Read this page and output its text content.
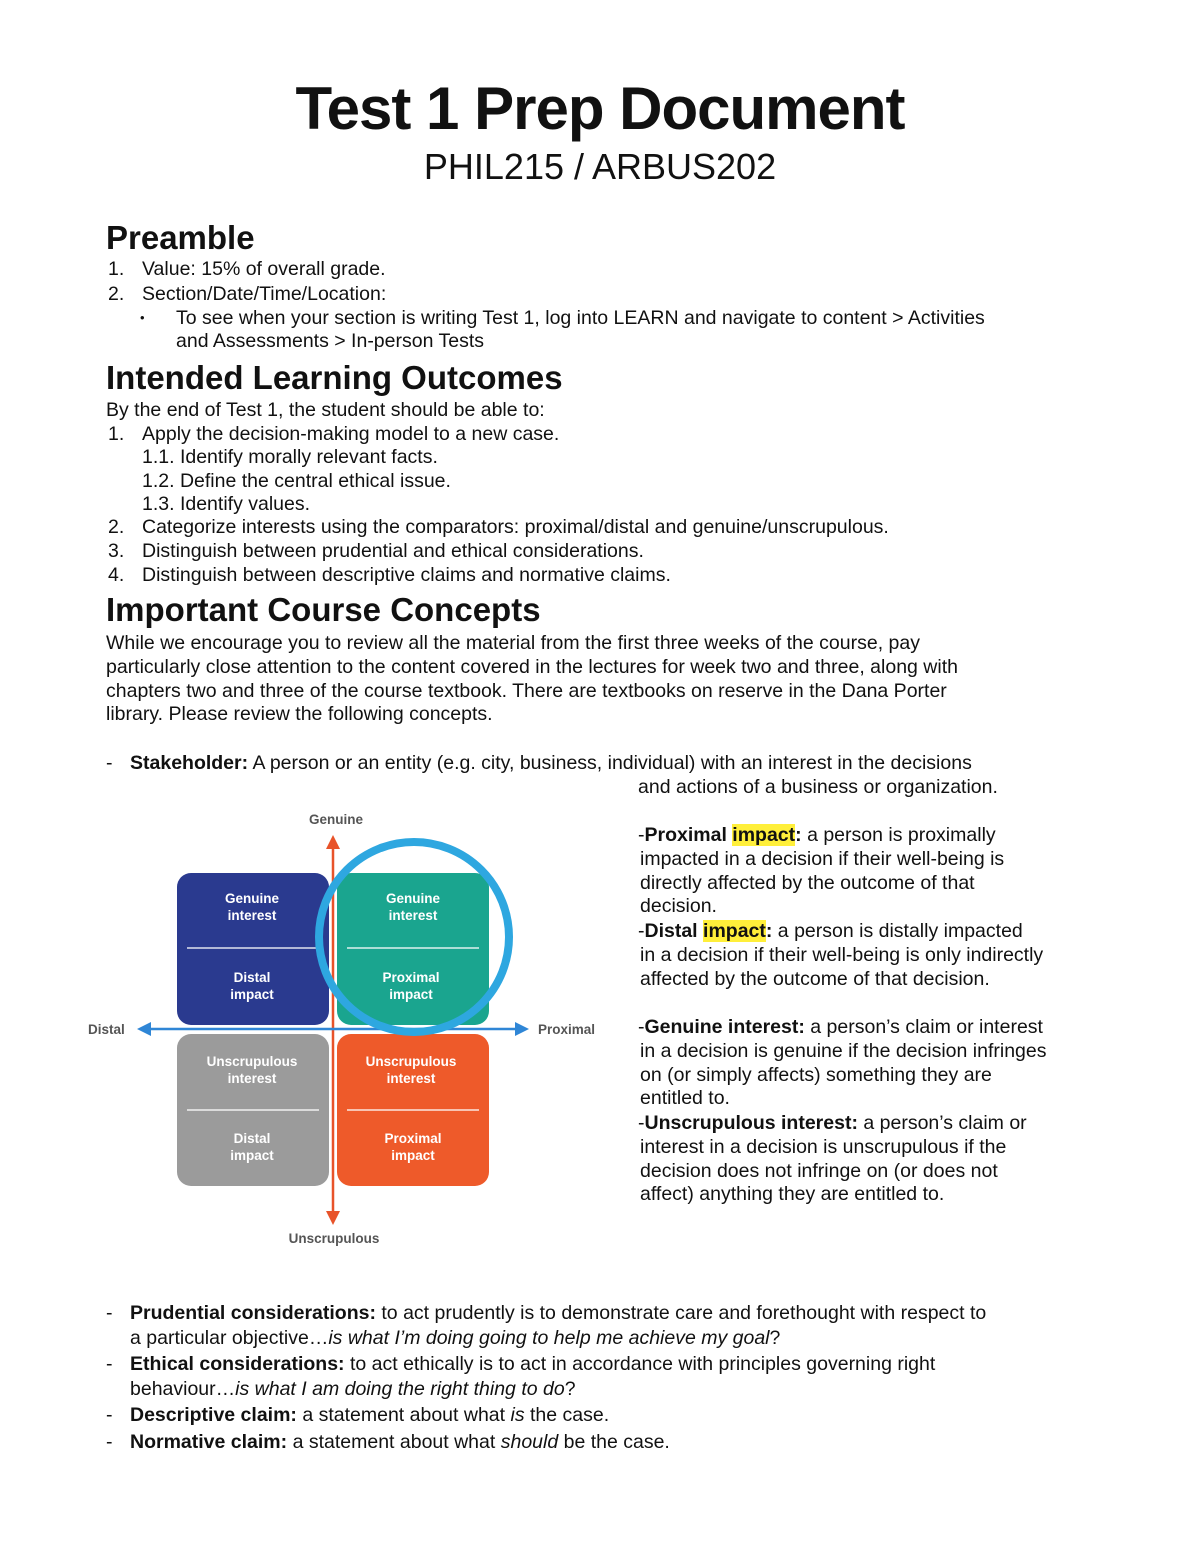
Test 1 Prep Document
PHIL215 / ARBUS202
Preamble
1. Value: 15% of overall grade.
2. Section/Date/Time/Location:
• To see when your section is writing Test 1, log into LEARN and navigate to content > Activities
and Assessments > In-person Tests
Intended Learning Outcomes
By the end of Test 1, the student should be able to:
1. Apply the decision-making model to a new case.
1.1. Identify morally relevant facts.
1.2. Define the central ethical issue.
1.3. Identify values.
2. Categorize interests using the comparators: proximal/distal and genuine/unscrupulous.
3. Distinguish between prudential and ethical considerations.
4. Distinguish between descriptive claims and normative claims.
Important Course Concepts
While we encourage you to review all the material from the first three weeks of the course, pay
particularly close attention to the content covered in the lectures for week two and three, along with
chapters two and three of the course textbook. There are textbooks on reserve in the Dana Porter
library. Please review the following concepts.
- Stakeholder: A person or an entity (e.g. city, business, individual) with an interest in the decisions
and actions of a business or organization.
-Proximal impact: a person is proximally
impacted in a decision if their well-being is
directly affected by the outcome of that
decision.
-Distal impact: a person is distally impacted
in a decision if their well-being is only indirectly
affected by the outcome of that decision.
-Genuine interest: a person’s claim or interest
in a decision is genuine if the decision infringes
on (or simply affects) something they are
entitled to.
-Unscrupulous interest: a person’s claim or
interest in a decision is unscrupulous if the
decision does not infringe on (or does not
affect) anything they are entitled to.
Genuine
interest
Distal
impact
Genuine
interest
Proximal
impact
Unscrupulous
interest
Distal
impact
Unscrupulous
interest
Proximal
impact
Genuine
Unscrupulous
Distal	Proximal
- Prudential considerations: to act prudently is to demonstrate care and forethought with respect to
a particular objective…is what I’m doing going to help me achieve my goal?
- Ethical considerations: to act ethically is to act in accordance with principles governing right
behaviour…is what I am doing the right thing to do?
- Descriptive claim: a statement about what is the case.
- Normative claim: a statement about what should be the case.
